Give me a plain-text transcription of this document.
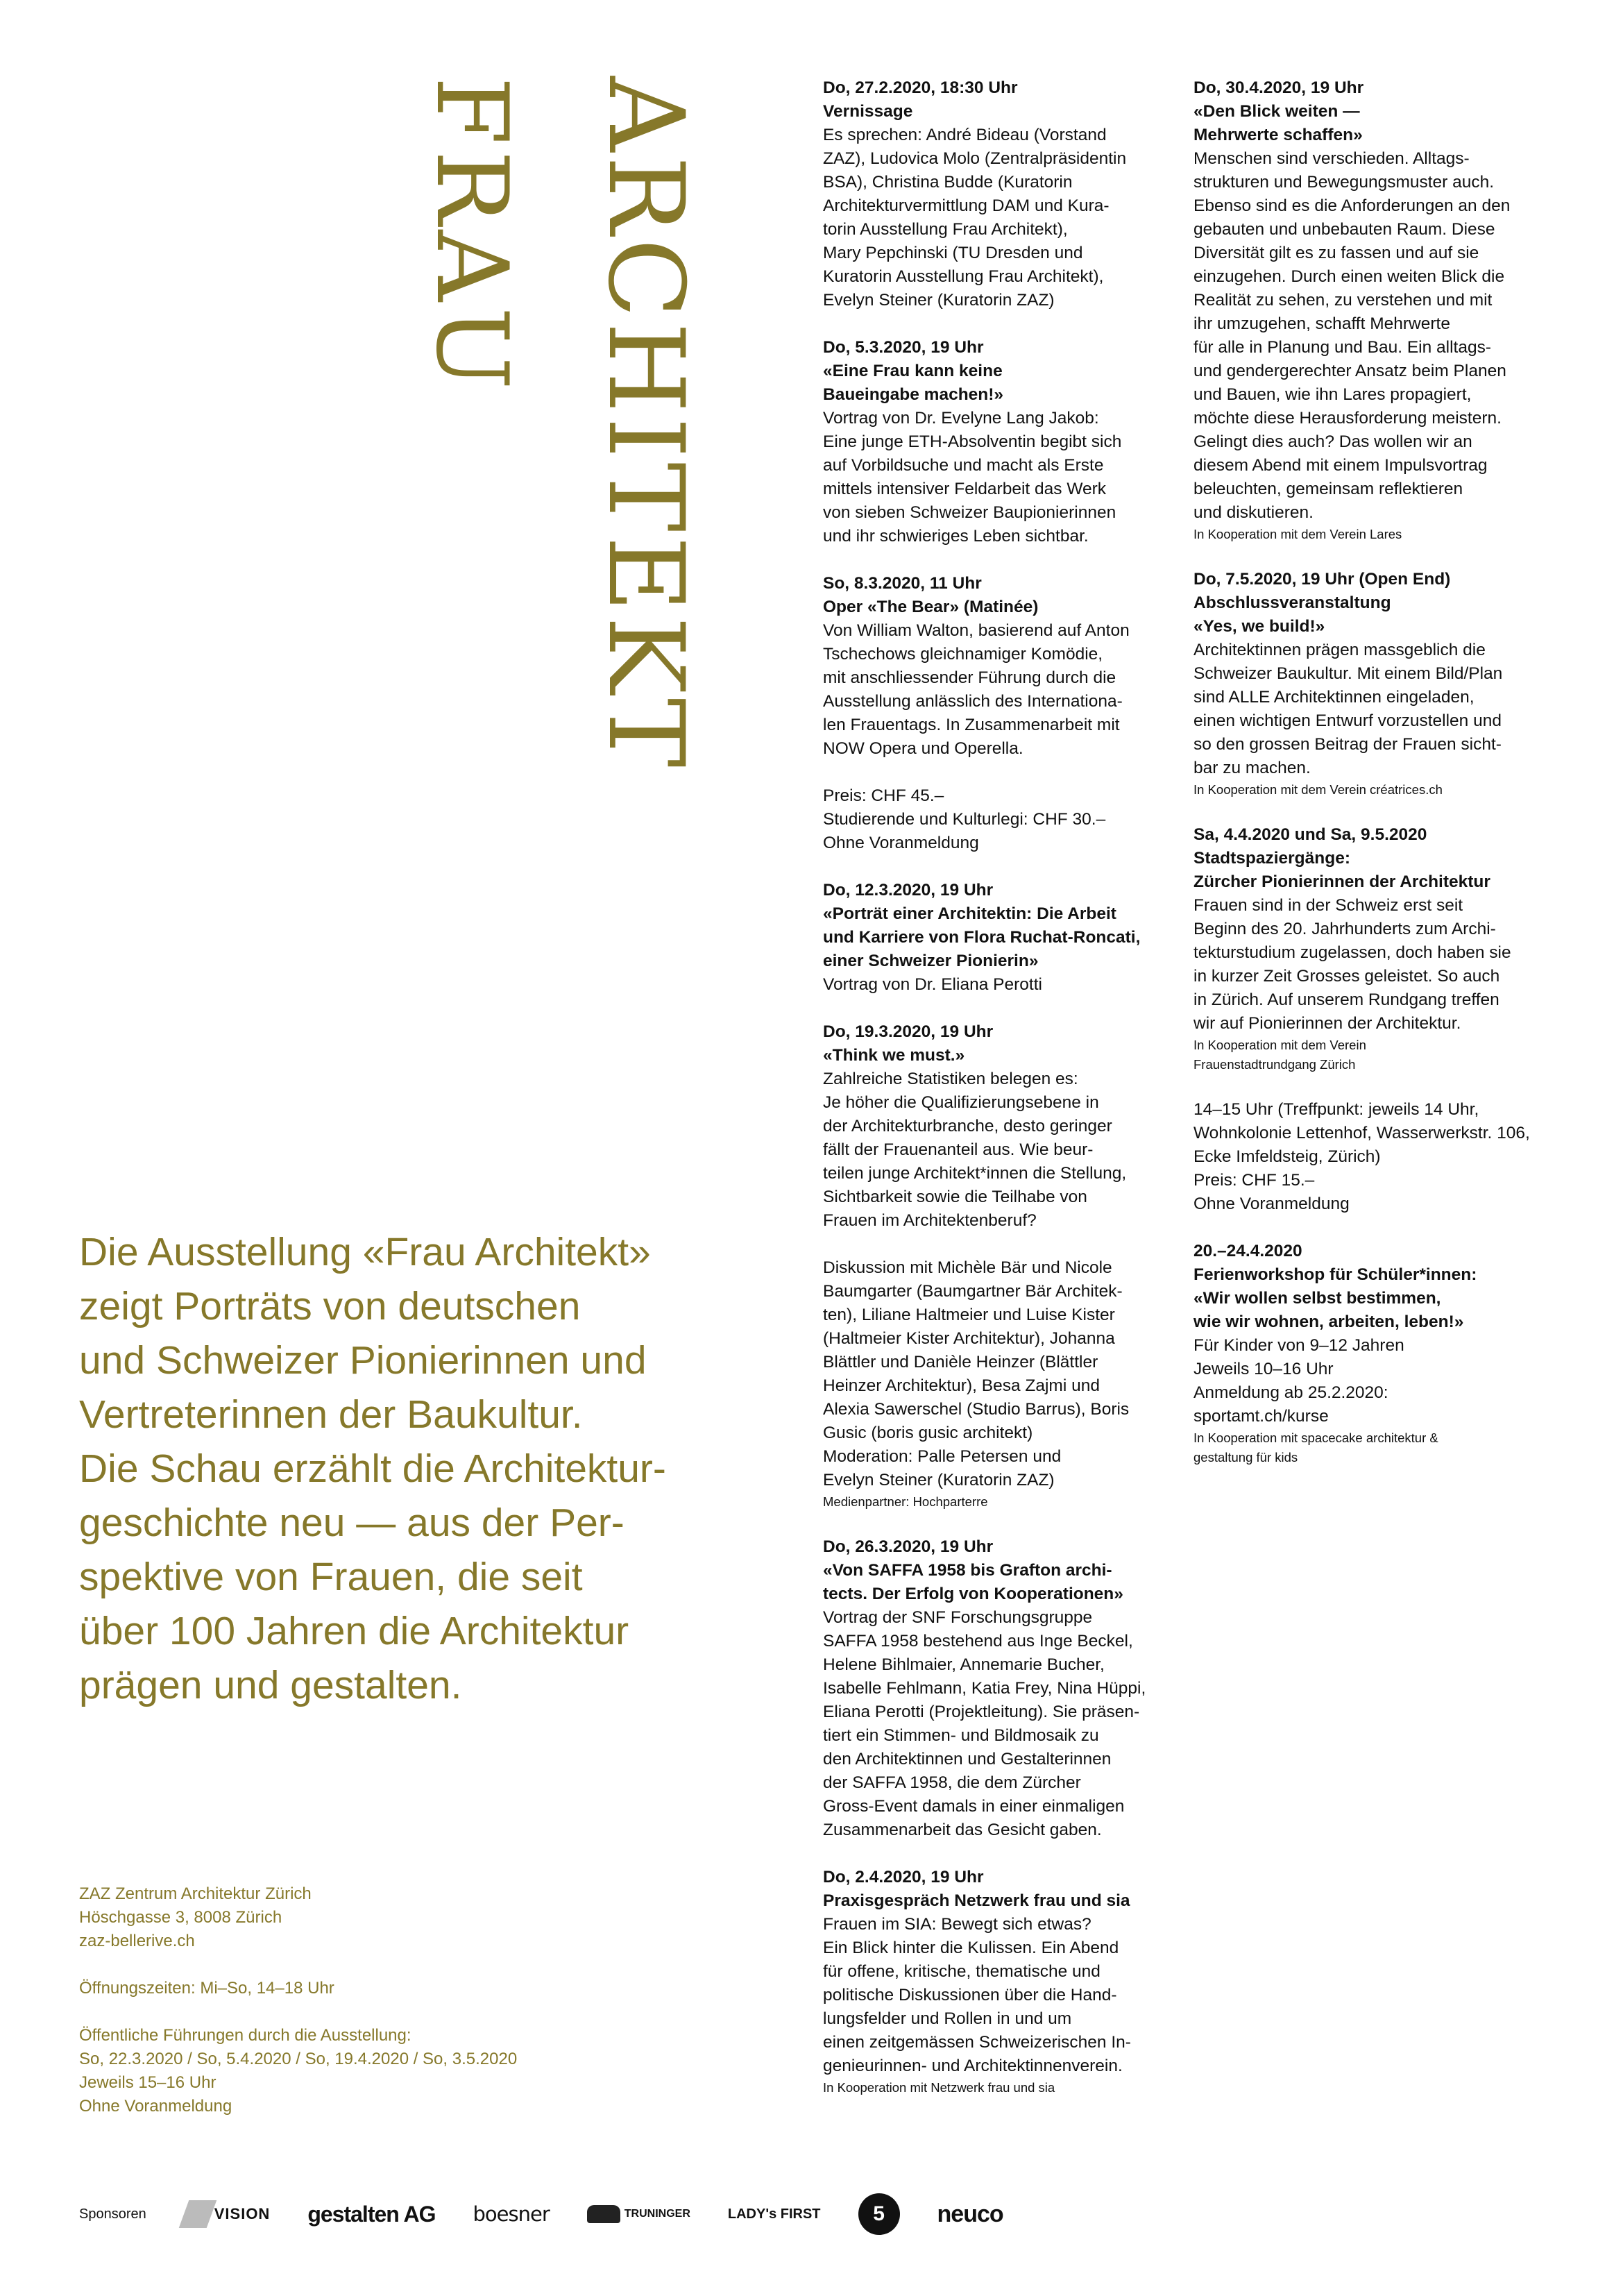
FRAU ARCHITEKT	Do, 27.2.2020, 18:30 Uhr
Vernissage
Es sprechen: André Bideau (Vorstand
ZAZ), Ludovica Molo (Zentralpräsidentin
BSA), Christina Budde (Kuratorin
Architekturvermittlung DAM und Kura-
torin Ausstellung Frau Architekt),
Mary Pepchinski (TU Dresden und
Kuratorin Ausstellung Frau Architekt),
Evelyn Steiner (Kuratorin ZAZ)
Do, 5.3.2020, 19 Uhr
«Eine Frau kann keine
Baueingabe machen!»
Vortrag von Dr. Evelyne Lang Jakob:
Eine junge ETH-Absolventin begibt sich
auf Vorbildsuche und macht als Erste
mittels intensiver Feldarbeit das Werk
von sieben Schweizer Baupionierinnen
und ihr schwieriges Leben sichtbar.
So, 8.3.2020, 11 Uhr
Oper «The Bear» (Matinée)
Von William Walton, basierend auf Anton
Tschechows gleichnamiger Komödie,
mit anschliessender Führung durch die
Ausstellung anlässlich des Internationa-
len Frauentags. In Zusammenarbeit mit
NOW Opera und Operella.
Preis: CHF 45.–
Studierende und Kulturlegi: CHF 30.–
Ohne Voranmeldung
Do, 12.3.2020, 19 Uhr
«Porträt einer Architektin: Die Arbeit
und Karriere von Flora Ruchat-Roncati,
einer Schweizer Pionierin»
Vortrag von Dr. Eliana Perotti
Do, 19.3.2020, 19 Uhr
«Think we must.»
Zahlreiche Statistiken belegen es:
Je höher die Qualifizierungsebene in
der Architekturbranche, desto geringer
fällt der Frauenanteil aus. Wie beur-
teilen junge Architekt*innen die Stellung,
Sichtbarkeit sowie die Teilhabe von
Frauen im Architektenberuf?
Diskussion mit Michèle Bär und Nicole
Baumgarter (Baumgartner Bär Architek-
ten), Liliane Haltmeier und Luise Kister
(Haltmeier Kister Architektur), Johanna
Blättler und Danièle Heinzer (Blättler
Heinzer Architektur), Besa Zajmi und
Alexia Sawerschel (Studio Barrus), Boris
Gusic (boris gusic architekt)
Moderation: Palle Petersen und
Evelyn Steiner (Kuratorin ZAZ)
Medienpartner: Hochparterre
Do, 26.3.2020, 19 Uhr
«Von SAFFA 1958 bis Grafton archi-
tects. Der Erfolg von Kooperationen»
Vortrag der SNF Forschungsgruppe
SAFFA 1958 bestehend aus Inge Beckel,
Helene Bihlmaier, Annemarie Bucher,
Isabelle Fehlmann, Katia Frey, Nina Hüppi,
Eliana Perotti (Projektleitung). Sie präsen-
tiert ein Stimmen- und Bildmosaik zu
den Architektinnen und Gestalterinnen
der SAFFA 1958, die dem Zürcher
Gross-Event damals in einer einmaligen
Zusammenarbeit das Gesicht gaben.
Do, 2.4.2020, 19 Uhr
Praxisgespräch Netzwerk frau und sia
Frauen im SIA: Bewegt sich etwas?
Ein Blick hinter die Kulissen. Ein Abend
für offene, kritische, thematische und
politische Diskussionen über die Hand-
lungsfelder und Rollen in und um
einen zeitgemässen Schweizerischen In-
genieurinnen- und Architektinnenverein.
In Kooperation mit Netzwerk frau und sia
Do, 30.4.2020, 19 Uhr
«Den Blick weiten —
Mehrwerte schaffen»
Menschen sind verschieden. Alltags-
strukturen und Bewegungsmuster auch.
Ebenso sind es die Anforderungen an den
gebauten und unbebauten Raum. Diese
Diversität gilt es zu fassen und auf sie
einzugehen. Durch einen weiten Blick die
Realität zu sehen, zu verstehen und mit
ihr umzugehen, schafft Mehrwerte
für alle in Planung und Bau. Ein alltags-
und gendergerechter Ansatz beim Planen
und Bauen, wie ihn Lares propagiert,
möchte diese Herausforderung meistern.
Gelingt dies auch? Das wollen wir an
diesem Abend mit einem Impulsvortrag
beleuchten, gemeinsam reflektieren
und diskutieren.
In Kooperation mit dem Verein Lares
Do, 7.5.2020, 19 Uhr (Open End)
Abschlussveranstaltung
«Yes, we build!»
Architektinnen prägen massgeblich die
Schweizer Baukultur. Mit einem Bild/Plan
sind ALLE Architektinnen eingeladen,
einen wichtigen Entwurf vorzustellen und
so den grossen Beitrag der Frauen sicht-
bar zu machen.
In Kooperation mit dem Verein créatrices.ch
Sa, 4.4.2020 und Sa, 9.5.2020
Stadtspaziergänge:
Zürcher Pionierinnen der Architektur
Frauen sind in der Schweiz erst seit
Beginn des 20. Jahrhunderts zum Archi-
tekturstudium zugelassen, doch haben sie
in kurzer Zeit Grosses geleistet. So auch
in Zürich. Auf unserem Rundgang treffen
wir auf Pionierinnen der Architektur.
In Kooperation mit dem Verein
Frauenstadtrundgang Zürich
14–15 Uhr (Treffpunkt: jeweils 14 Uhr,
Wohnkolonie Lettenhof, Wasserwerkstr. 106,
Ecke Imfeldsteig, Zürich)
Preis: CHF 15.–
Ohne Voranmeldung
20.–24.4.2020
Ferienworkshop für Schüler*innen:
«Wir wollen selbst bestimmen,
wie wir wohnen, arbeiten, leben!»
Für Kinder von 9–12 Jahren
Jeweils 10–16 Uhr
Anmeldung ab 25.2.2020:
sportamt.ch/kurse
In Kooperation mit spacecake architektur &
gestaltung für kids
Die Ausstellung «Frau Architekt»
zeigt Porträts von deutschen
und Schweizer Pionierinnen und
Vertreterinnen der Baukultur.
Die Schau erzählt die Architektur-
geschichte neu — aus der Per-
spektive von Frauen, die seit
über 100 Jahren die Architektur
prägen und gestalten.
ZAZ Zentrum Architektur Zürich
Höschgasse 3, 8008 Zürich
zaz-bellerive.ch
Öffnungszeiten: Mi–So, 14–18 Uhr
Öffentliche Führungen durch die Ausstellung:
So, 22.3.2020 / So, 5.4.2020 / So, 19.4.2020 / So, 3.5.2020
Jeweils 15–16 Uhr
Ohne Voranmeldung
Sponsoren	VISION gestalten AG boesner	TRUNINGER	LADY's FIRST	5	neuco
